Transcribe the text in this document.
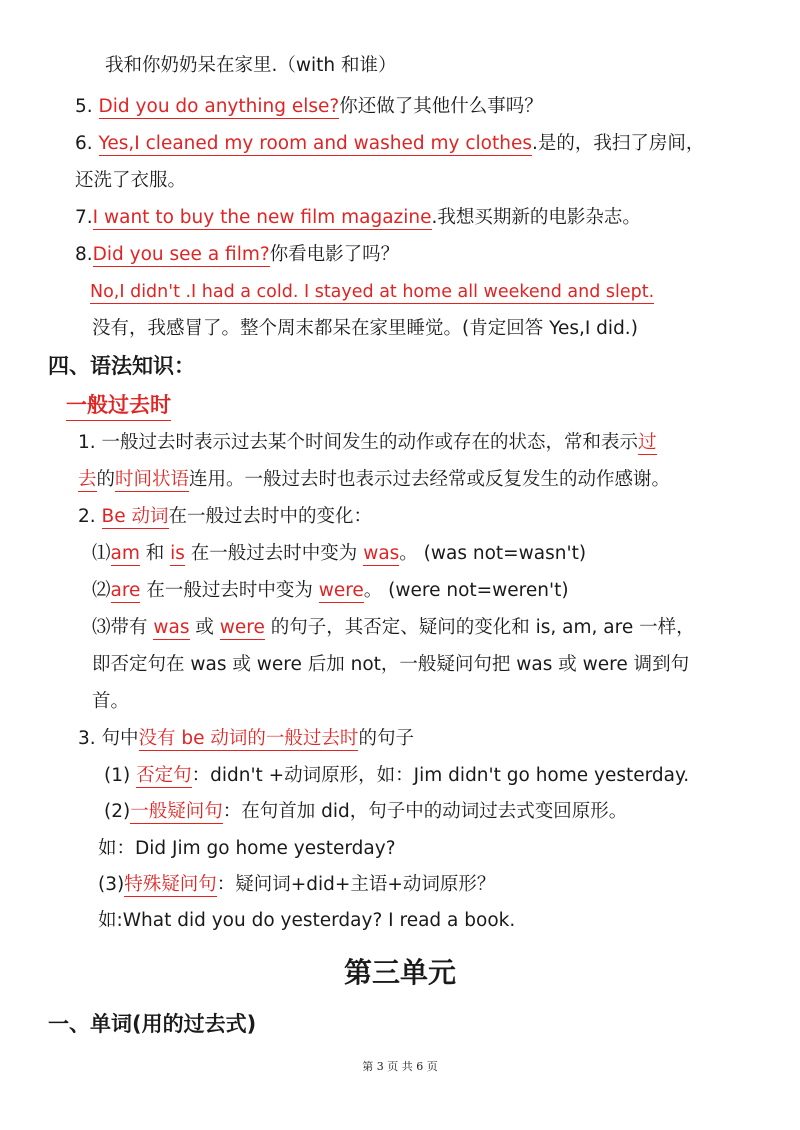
我和你奶奶呆在家里.（with 和谁）
5. Did you do anything else?你还做了其他什么事吗？
6. Yes,I cleaned my room and washed my clothes.是的，我扫了房间，
还洗了衣服。
7.I want to buy the new film magazine.我想买期新的电影杂志。
8.Did you see a film?你看电影了吗？
No,I didn't .I had a cold. I stayed at home all weekend and slept.
没有，我感冒了。整个周末都呆在家里睡觉。(肯定回答 Yes,I did.)
四、语法知识：
一般过去时
1. 一般过去时表示过去某个时间发生的动作或存在的状态，常和表示过
去的时间状语连用。一般过去时也表示过去经常或反复发生的动作感谢。
2. Be 动词在一般过去时中的变化：
⑴am 和 is 在一般过去时中变为 was。 (was not=wasn't)
⑵are 在一般过去时中变为 were。 (were not=weren't)
⑶带有 was 或 were 的句子，其否定、疑问的变化和 is, am, are 一样，
即否定句在 was 或 were 后加 not，一般疑问句把 was 或 were 调到句
首。
3. 句中没有 be 动词的一般过去时的句子
(1) 否定句：didn't +动词原形，如：Jim didn't go home yesterday.
(2)一般疑问句：在句首加 did，句子中的动词过去式变回原形。
如：Did Jim go home yesterday?
(3)特殊疑问句：疑问词+did+主语+动词原形？
如:What did you do yesterday? I read a book.
第三单元
一、单词(用的过去式)
第 3 页 共 6 页
